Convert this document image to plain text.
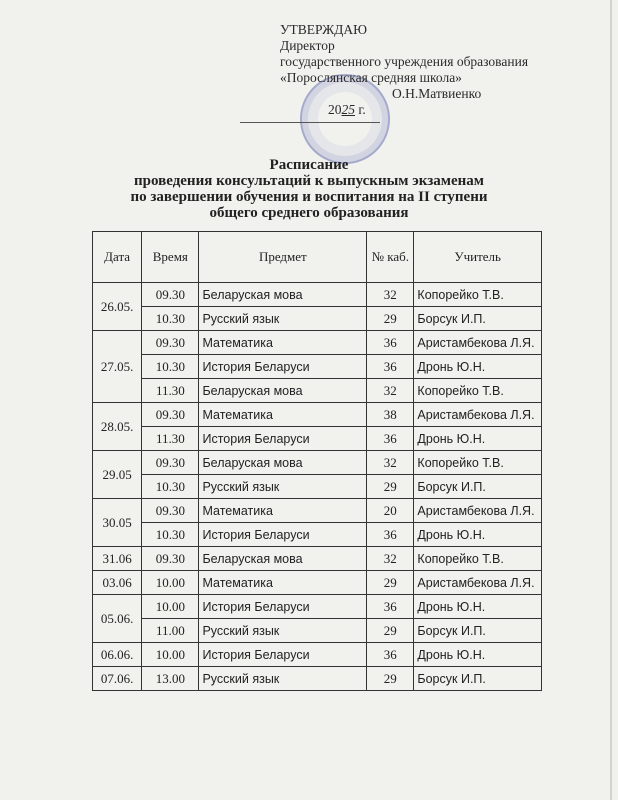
УТВЕРЖДАЮ
Директор
государственного учреждения образования
«Порослянская средняя школа»
О.Н.Матвиенко
2025 г.
Расписание
проведения консультаций к выпускным экзаменам
по завершении обучения и воспитания на II ступени
общего среднего образования
Дата	Время	Предмет	№ каб.	Учитель
26.05.	09.30	Беларуская мова	32	Копорейко Т.В.
	10.30	Русский язык	29	Борсук И.П.
27.05.	09.30	Математика	36	Аристамбекова Л.Я.
	10.30	История Беларуси	36	Дронь Ю.Н.
	11.30	Беларуская мова	32	Копорейко Т.В.
28.05.	09.30	Математика	38	Аристамбекова Л.Я.
	11.30	История Беларуси	36	Дронь Ю.Н.
29.05	09.30	Беларуская мова	32	Копорейко Т.В.
	10.30	Русский язык	29	Борсук И.П.
30.05	09.30	Математика	20	Аристамбекова Л.Я.
	10.30	История Беларуси	36	Дронь Ю.Н.
31.06	09.30	Беларуская мова	32	Копорейко Т.В.
03.06	10.00	Математика	29	Аристамбекова Л.Я.
05.06.	10.00	История Беларуси	36	Дронь Ю.Н.
	11.00	Русский язык	29	Борсук И.П.
06.06.	10.00	История Беларуси	36	Дронь Ю.Н.
07.06.	13.00	Русский язык	29	Борсук И.П.
